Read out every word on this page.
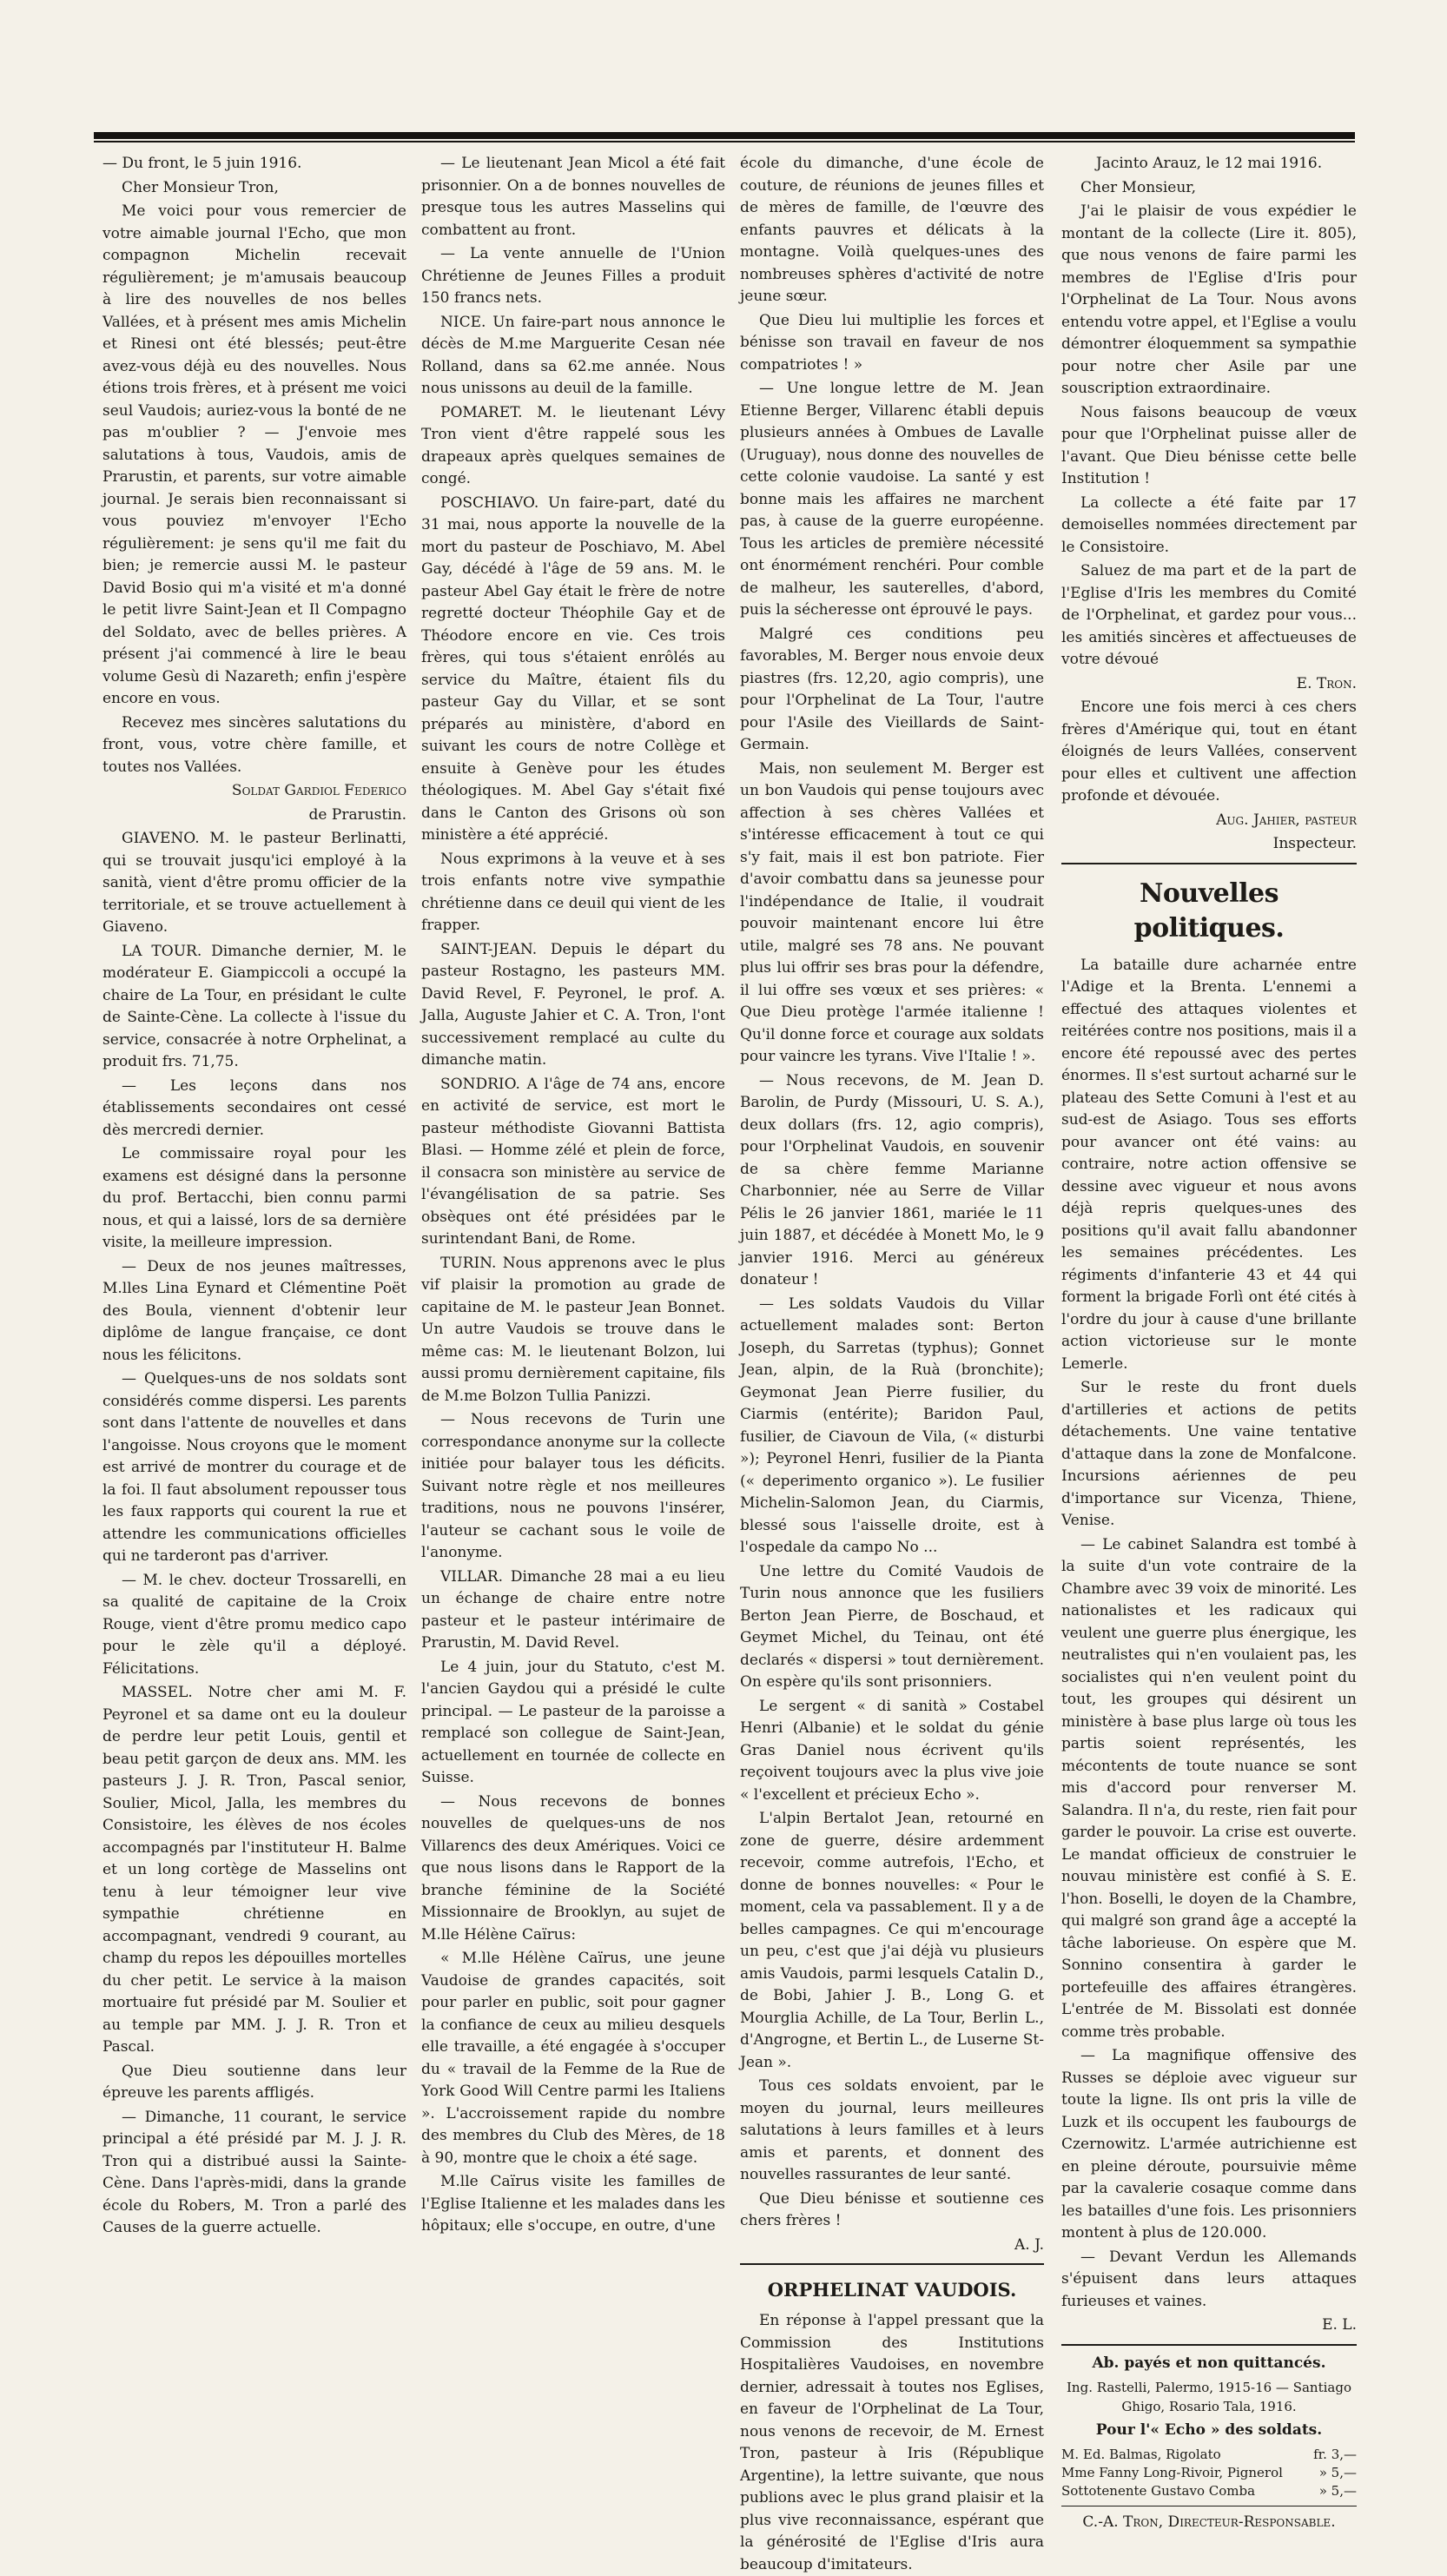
— Du front, le 5 juin 1916.

Cher Monsieur Tron,

Me voici pour vous remercier de votre aimable journal l'Echo, que mon compagnon Michelin recevait régulièrement; je m'amusais beaucoup à lire des nouvelles de nos belles Vallées, et à présent mes amis Michelin et Rinesi ont été blessés; peut-être avez-vous déjà eu des nouvelles. Nous étions trois frères, et à présent me voici seul Vaudois; auriez-vous la bonté de ne pas m'oublier ? — J'envoie mes salutations à tous, Vaudois, amis de Prarustin, et parents, sur votre aimable journal. Je serais bien reconnaissant si vous pouviez m'envoyer l'Echo régulièrement: je sens qu'il me fait du bien; je remercie aussi M. le pasteur David Bosio qui m'a visité et m'a donné le petit livre Saint-Jean et Il Compagno del Soldato, avec de belles prières. A présent j'ai commencé à lire le beau volume Gesù di Nazareth; enfin j'espère encore en vous.

Recevez mes sincères salutations du front, vous, votre chère famille, et toutes nos Vallées.

Soldat Gardiol Federico

de Prarustin.

GIAVENO. M. le pasteur Berlinatti, qui se trouvait jusqu'ici employé à la sanità, vient d'être promu officier de la territoriale, et se trouve actuellement à Giaveno.

LA TOUR. Dimanche dernier, M. le modérateur E. Giampiccoli a occupé la chaire de La Tour, en présidant le culte de Sainte-Cène. La collecte à l'issue du service, consacrée à notre Orphelinat, a produit frs. 71,75.

— Les leçons dans nos établissements secondaires ont cessé dès mercredi dernier.

Le commissaire royal pour les examens est désigné dans la personne du prof. Bertacchi, bien connu parmi nous, et qui a laissé, lors de sa dernière visite, la meilleure impression.

— Deux de nos jeunes maîtresses, M.lles Lina Eynard et Clémentine Poët des Boula, viennent d'obtenir leur diplôme de langue française, ce dont nous les félicitons.

— Quelques-uns de nos soldats sont considérés comme dispersi. Les parents sont dans l'attente de nouvelles et dans l'angoisse. Nous croyons que le moment est arrivé de montrer du courage et de la foi. Il faut absolument repousser tous les faux rapports qui courent la rue et attendre les communications officielles qui ne tarderont pas d'arriver.

— M. le chev. docteur Trossarelli, en sa qualité de capitaine de la Croix Rouge, vient d'être promu medico capo pour le zèle qu'il a déployé. Félicitations.

MASSEL. Notre cher ami M. F. Peyronel et sa dame ont eu la douleur de perdre leur petit Louis, gentil et beau petit garçon de deux ans. MM. les pasteurs J. J. R. Tron, Pascal senior, Soulier, Micol, Jalla, les membres du Consistoire, les élèves de nos écoles accompagnés par l'instituteur H. Balme et un long cortège de Masselins ont tenu à leur témoigner leur vive sympathie chrétienne en accompagnant, vendredi 9 courant, au champ du repos les dépouilles mortelles du cher petit. Le service à la maison mortuaire fut présidé par M. Soulier et au temple par MM. J. J. R. Tron et Pascal.

Que Dieu soutienne dans leur épreuve les parents affligés.

— Dimanche, 11 courant, le service principal a été présidé par M. J. J. R. Tron qui a distribué aussi la Sainte-Cène. Dans l'après-midi, dans la grande école du Robers, M. Tron a parlé des Causes de la guerre actuelle.

— Le lieutenant Jean Micol a été fait prisonnier. On a de bonnes nouvelles de presque tous les autres Masselins qui combattent au front.

— La vente annuelle de l'Union Chrétienne de Jeunes Filles a produit 150 francs nets.

NICE. Un faire-part nous annonce le décès de M.me Marguerite Cesan née Rolland, dans sa 62.me année. Nous nous unissons au deuil de la famille.

POMARET. M. le lieutenant Lévy Tron vient d'être rappelé sous les drapeaux après quelques semaines de congé.

POSCHIAVO. Un faire-part, daté du 31 mai, nous apporte la nouvelle de la mort du pasteur de Poschiavo, M. Abel Gay, décédé à l'âge de 59 ans. M. le pasteur Abel Gay était le frère de notre regretté docteur Théophile Gay et de Théodore encore en vie. Ces trois frères, qui tous s'étaient enrôlés au service du Maître, étaient fils du pasteur Gay du Villar, et se sont préparés au ministère, d'abord en suivant les cours de notre Collège et ensuite à Genève pour les études théologiques. M. Abel Gay s'était fixé dans le Canton des Grisons où son ministère a été apprécié.

Nous exprimons à la veuve et à ses trois enfants notre vive sympathie chrétienne dans ce deuil qui vient de les frapper.

SAINT-JEAN. Depuis le départ du pasteur Rostagno, les pasteurs MM. David Revel, F. Peyronel, le prof. A. Jalla, Auguste Jahier et C. A. Tron, l'ont successivement remplacé au culte du dimanche matin.

SONDRIO. A l'âge de 74 ans, encore en activité de service, est mort le pasteur méthodiste Giovanni Battista Blasi. — Homme zélé et plein de force, il consacra son ministère au service de l'évangélisation de sa patrie. Ses obsèques ont été présidées par le surintendant Bani, de Rome.

TURIN. Nous apprenons avec le plus vif plaisir la promotion au grade de capitaine de M. le pasteur Jean Bonnet. Un autre Vaudois se trouve dans le même cas: M. le lieutenant Bolzon, lui aussi promu dernièrement capitaine, fils de M.me Bolzon Tullia Panizzi.

— Nous recevons de Turin une correspondance anonyme sur la collecte initiée pour balayer tous les déficits. Suivant notre règle et nos meilleures traditions, nous ne pouvons l'insérer, l'auteur se cachant sous le voile de l'anonyme.

VILLAR. Dimanche 28 mai a eu lieu un échange de chaire entre notre pasteur et le pasteur intérimaire de Prarustin, M. David Revel.

Le 4 juin, jour du Statuto, c'est M. l'ancien Gaydou qui a présidé le culte principal. — Le pasteur de la paroisse a remplacé son collegue de Saint-Jean, actuellement en tournée de collecte en Suisse.

— Nous recevons de bonnes nouvelles de quelques-uns de nos Villarencs des deux Amériques. Voici ce que nous lisons dans le Rapport de la branche féminine de la Société Missionnaire de Brooklyn, au sujet de M.lle Hélène Caïrus:

« M.lle Hélène Caïrus, une jeune Vaudoise de grandes capacités, soit pour parler en public, soit pour gagner la confiance de ceux au milieu desquels elle travaille, a été engagée à s'occuper du « travail de la Femme de la Rue de York Good Will Centre parmi les Italiens ». L'accroissement rapide du nombre des membres du Club des Mères, de 18 à 90, montre que le choix a été sage.

M.lle Caïrus visite les familles de l'Eglise Italienne et les malades dans les hôpitaux; elle s'occupe, en outre, d'une

école du dimanche, d'une école de couture, de réunions de jeunes filles et de mères de famille, de l'œuvre des enfants pauvres et délicats à la montagne. Voilà quelques-unes des nombreuses sphères d'activité de notre jeune sœur.

Que Dieu lui multiplie les forces et bénisse son travail en faveur de nos compatriotes ! »

— Une longue lettre de M. Jean Etienne Berger, Villarenc établi depuis plusieurs années à Ombues de Lavalle (Uruguay), nous donne des nouvelles de cette colonie vaudoise. La santé y est bonne mais les affaires ne marchent pas, à cause de la guerre européenne. Tous les articles de première nécessité ont énormément renchéri. Pour comble de malheur, les sauterelles, d'abord, puis la sécheresse ont éprouvé le pays.

Malgré ces conditions peu favorables, M. Berger nous envoie deux piastres (frs. 12,20, agio compris), une pour l'Orphelinat de La Tour, l'autre pour l'Asile des Vieillards de Saint-Germain.

Mais, non seulement M. Berger est un bon Vaudois qui pense toujours avec affection à ses chères Vallées et s'intéresse efficacement à tout ce qui s'y fait, mais il est bon patriote. Fier d'avoir combattu dans sa jeunesse pour l'indépendance de Italie, il voudrait pouvoir maintenant encore lui être utile, malgré ses 78 ans. Ne pouvant plus lui offrir ses bras pour la défendre, il lui offre ses vœux et ses prières: « Que Dieu protège l'armée italienne ! Qu'il donne force et courage aux soldats pour vaincre les tyrans. Vive l'Italie ! ».

— Nous recevons, de M. Jean D. Barolin, de Purdy (Missouri, U. S. A.), deux dollars (frs. 12, agio compris), pour l'Orphelinat Vaudois, en souvenir de sa chère femme Marianne Charbonnier, née au Serre de Villar Pélis le 26 janvier 1861, mariée le 11 juin 1887, et décédée à Monett Mo, le 9 janvier 1916. Merci au généreux donateur !

— Les soldats Vaudois du Villar actuellement malades sont: Berton Joseph, du Sarretas (typhus); Gonnet Jean, alpin, de la Ruà (bronchite); Geymonat Jean Pierre fusilier, du Ciarmis (entérite); Baridon Paul, fusilier, de Ciavoun de Vila, (« disturbi »); Peyronel Henri, fusilier de la Pianta (« deperimento organico »). Le fusilier Michelin-Salomon Jean, du Ciarmis, blessé sous l'aisselle droite, est à l'ospedale da campo No ...

Une lettre du Comité Vaudois de Turin nous annonce que les fusiliers Berton Jean Pierre, de Boschaud, et Geymet Michel, du Teinau, ont été declarés « dispersi » tout dernièrement. On espère qu'ils sont prisonniers.

Le sergent « di sanità » Costabel Henri (Albanie) et le soldat du génie Gras Daniel nous écrivent qu'ils reçoivent toujours avec la plus vive joie « l'excellent et précieux Echo ».

L'alpin Bertalot Jean, retourné en zone de guerre, désire ardemment recevoir, comme autrefois, l'Echo, et donne de bonnes nouvelles: « Pour le moment, cela va passablement. Il y a de belles campagnes. Ce qui m'encourage un peu, c'est que j'ai déjà vu plusieurs amis Vaudois, parmi lesquels Catalin D., de Bobi, Jahier J. B., Long G. et Mourglia Achille, de La Tour, Berlin L., d'Angrogne, et Bertin L., de Luserne St-Jean ».

Tous ces soldats envoient, par le moyen du journal, leurs meilleures salutations à leurs familles et à leurs amis et parents, et donnent des nouvelles rassurantes de leur santé.

Que Dieu bénisse et soutienne ces chers frères !

A. J.

ORPHELINAT VAUDOIS.

En réponse à l'appel pressant que la Commission des Institutions Hospitalières Vaudoises, en novembre dernier, adressait à toutes nos Eglises, en faveur de l'Orphelinat de La Tour, nous venons de recevoir, de M. Ernest Tron, pasteur à Iris (République Argentine), la lettre suivante, que nous publions avec le plus grand plaisir et la plus vive reconnaissance, espérant que la générosité de l'Eglise d'Iris aura beaucoup d'imitateurs.

Jacinto Arauz, le 12 mai 1916.

Cher Monsieur,

J'ai le plaisir de vous expédier le montant de la collecte (Lire it. 805), que nous venons de faire parmi les membres de l'Eglise d'Iris pour l'Orphelinat de La Tour. Nous avons entendu votre appel, et l'Eglise a voulu démontrer éloquemment sa sympathie pour notre cher Asile par une souscription extraordinaire.

Nous faisons beaucoup de vœux pour que l'Orphelinat puisse aller de l'avant. Que Dieu bénisse cette belle Institution !

La collecte a été faite par 17 demoiselles nommées directement par le Consistoire.

Saluez de ma part et de la part de l'Eglise d'Iris les membres du Comité de l'Orphelinat, et gardez pour vous... les amitiés sincères et affectueuses de votre dévoué

E. Tron.

Encore une fois merci à ces chers frères d'Amérique qui, tout en étant éloignés de leurs Vallées, conservent pour elles et cultivent une affection profonde et dévouée.

Aug. Jahier, pasteur

Inspecteur.

Nouvelles politiques.

La bataille dure acharnée entre l'Adige et la Brenta. L'ennemi a effectué des attaques violentes et reitérées contre nos positions, mais il a encore été repoussé avec des pertes énormes. Il s'est surtout acharné sur le plateau des Sette Comuni à l'est et au sud-est de Asiago. Tous ses efforts pour avancer ont été vains: au contraire, notre action offensive se dessine avec vigueur et nous avons déjà repris quelques-unes des positions qu'il avait fallu abandonner les semaines précédentes. Les régiments d'infanterie 43 et 44 qui forment la brigade Forlì ont été cités à l'ordre du jour à cause d'une brillante action victorieuse sur le monte Lemerle.

Sur le reste du front duels d'artilleries et actions de petits détachements. Une vaine tentative d'attaque dans la zone de Monfalcone. Incursions aériennes de peu d'importance sur Vicenza, Thiene, Venise.

— Le cabinet Salandra est tombé à la suite d'un vote contraire de la Chambre avec 39 voix de minorité. Les nationalistes et les radicaux qui veulent une guerre plus énergique, les neutralistes qui n'en voulaient pas, les socialistes qui n'en veulent point du tout, les groupes qui désirent un ministère à base plus large où tous les partis soient représentés, les mécontents de toute nuance se sont mis d'accord pour renverser M. Salandra. Il n'a, du reste, rien fait pour garder le pouvoir. La crise est ouverte. Le mandat officieux de construier le nouvau ministère est confié à S. E. l'hon. Boselli, le doyen de la Chambre, qui malgré son grand âge a accepté la tâche laborieuse. On espère que M. Sonnino consentira à garder le portefeuille des affaires étrangères. L'entrée de M. Bissolati est donnée comme très probable.

— La magnifique offensive des Russes se déploie avec vigueur sur toute la ligne. Ils ont pris la ville de Luzk et ils occupent les faubourgs de Czernowitz. L'armée autrichienne est en pleine déroute, poursuivie même par la cavalerie cosaque comme dans les batailles d'une fois. Les prisonniers montent à plus de 120.000.

— Devant Verdun les Allemands s'épuisent dans leurs attaques furieuses et vaines.

E. L.

Ab. payés et non quittancés.

Ing. Rastelli, Palermo, 1915-16 — Santiago Ghigo, Rosario Tala, 1916.

Pour l'« Echo » des soldats.
M. Ed. Balmas, Rigolato	fr. 3,—
Mme Fanny Long-Rivoir, Pignerol	» 5,—
Sottotenente Gustavo Comba	» 5,—

C.-A. Tron, Directeur-Responsable.
